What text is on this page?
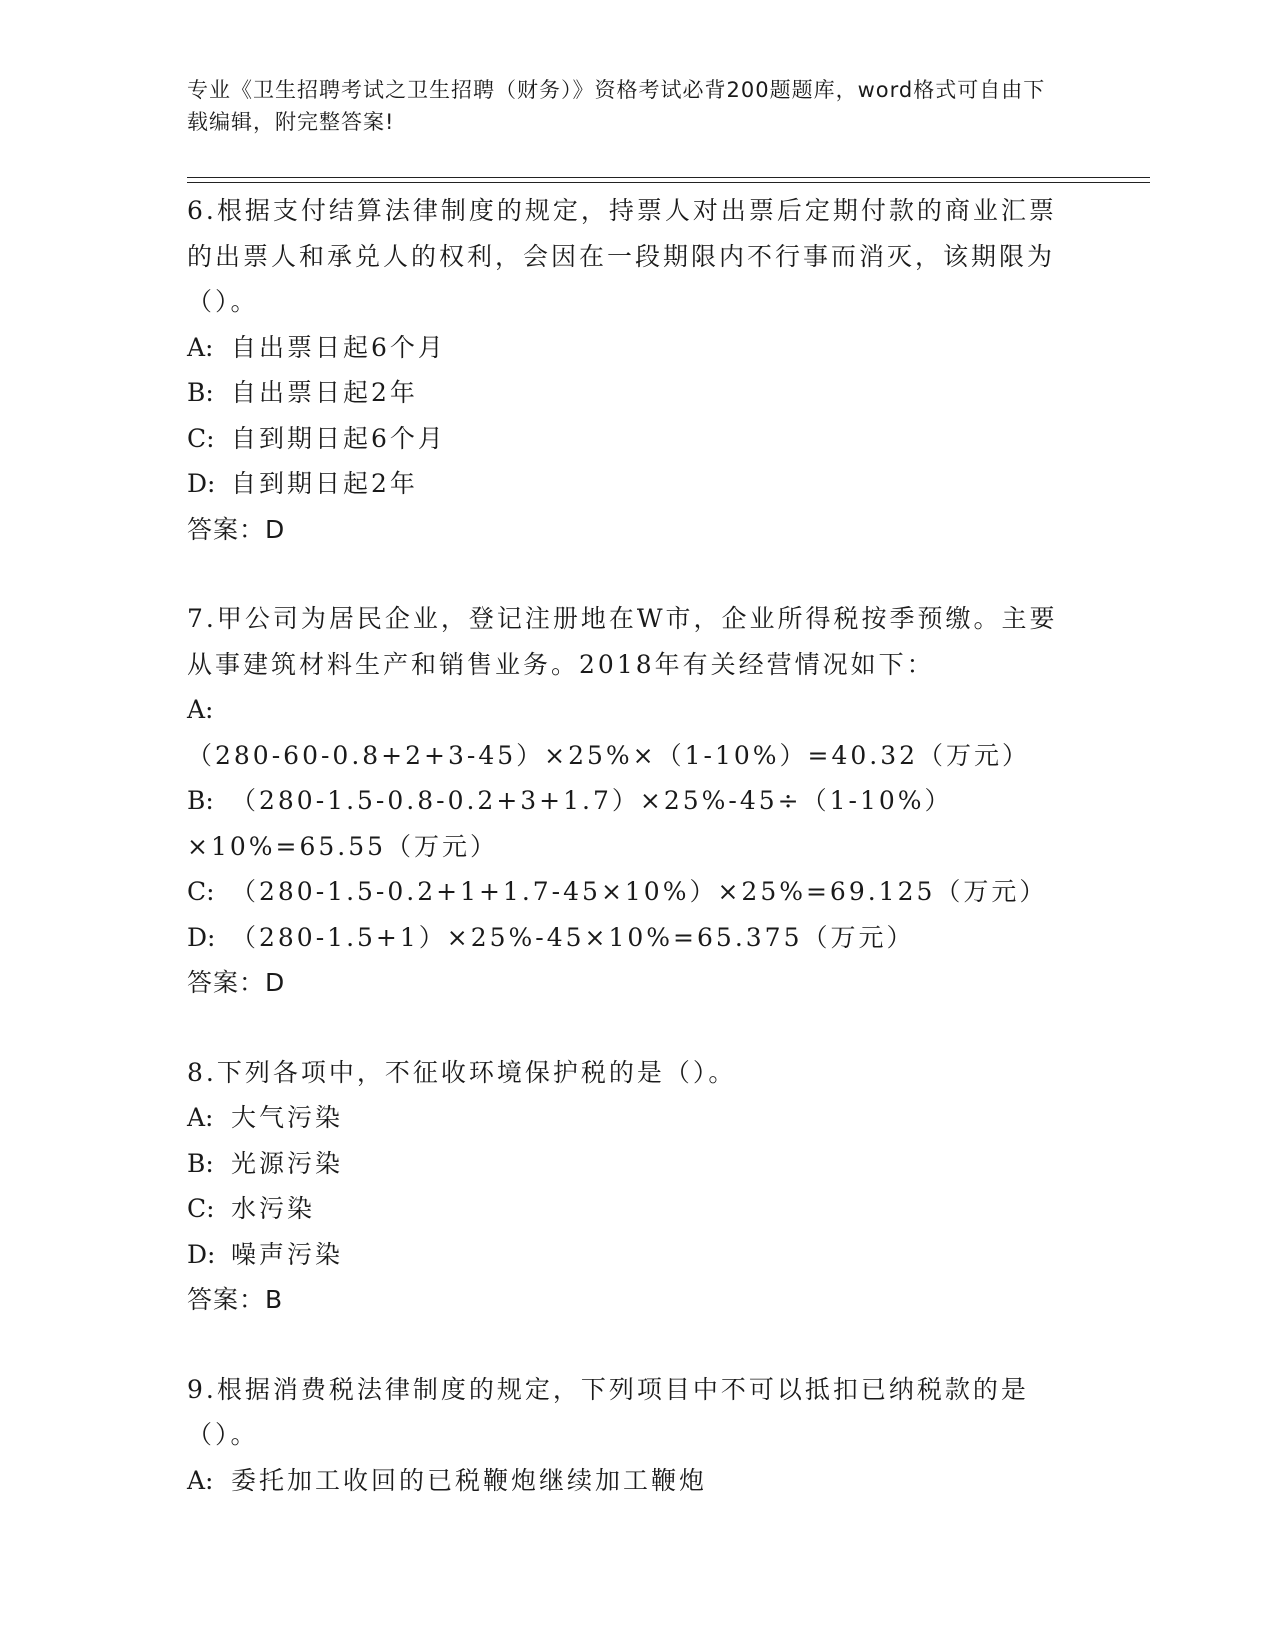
专业《卫生招聘考试之卫生招聘（财务）》资格考试必背200题题库，word格式可自由下载编辑，附完整答案!

6.根据支付结算法律制度的规定，持票人对出票后定期付款的商业汇票的出票人和承兑人的权利，会因在一段期限内不行事而消灭，该期限为（）。

A: 自出票日起6个月
B: 自出票日起2年
C: 自到期日起6个月
D: 自到期日起2年
答案：D

7.甲公司为居民企业，登记注册地在W市，企业所得税按季预缴。主要从事建筑材料生产和销售业务。2018年有关经营情况如下：

A:（280-60-0.8+2+3-45）×25%×（1-10%）=40.32（万元）
B: （280-1.5-0.8-0.2+3+1.7）×25%-45÷（1-10%）×10%=65.55（万元）
C: （280-1.5-0.2+1+1.7-45×10%）×25%=69.125（万元）
D: （280-1.5+1）×25%-45×10%=65.375（万元）
答案：D

8.下列各项中，不征收环境保护税的是（）。

A: 大气污染
B: 光源污染
C: 水污染
D: 噪声污染
答案：B

9.根据消费税法律制度的规定，下列项目中不可以抵扣已纳税款的是（）。

A: 委托加工收回的已税鞭炮继续加工鞭炮
